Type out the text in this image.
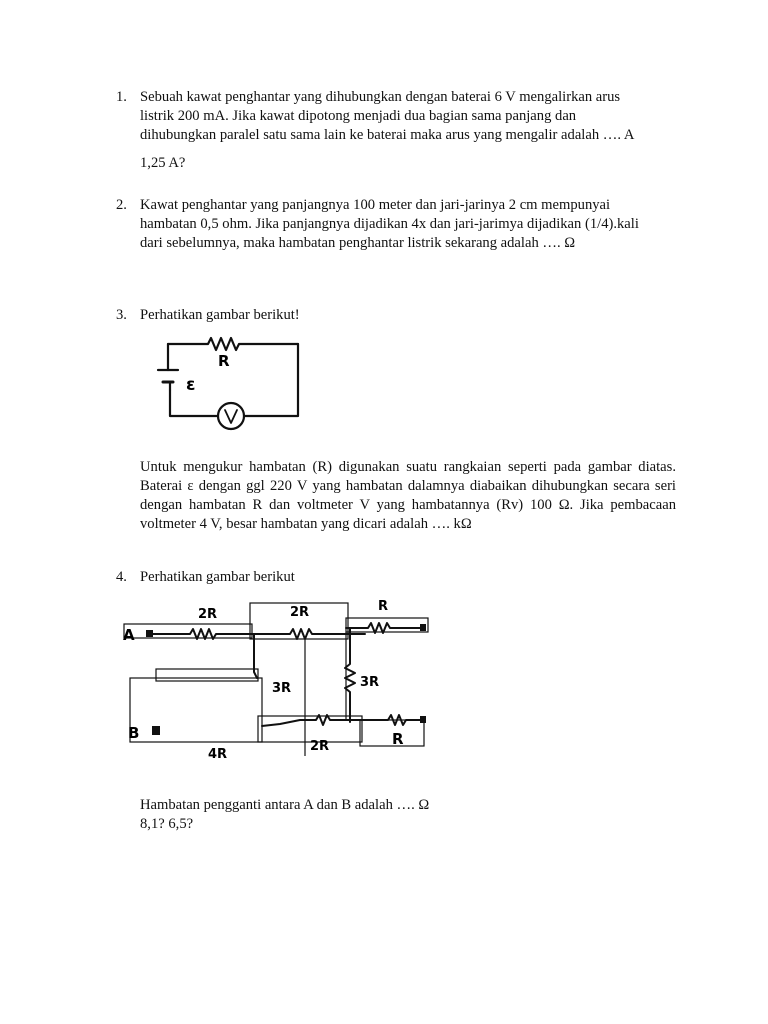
1. Sebuah kawat penghantar yang dihubungkan dengan baterai 6 V mengalirkan arus
listrik 200 mA. Jika kawat dipotong menjadi dua bagian sama panjang dan
dihubungkan paralel satu sama lain ke baterai maka arus yang mengalir adalah …. A
1,25 A?
2. Kawat penghantar yang panjangnya 100 meter dan jari-jarinya 2 cm mempunyai
hambatan 0,5 ohm. Jika panjangnya dijadikan 4x dan jari-jarimya dijadikan (1/4).kali
dari sebelumnya, maka hambatan penghantar listrik sekarang adalah …. Ω
3. Perhatikan gambar berikut!
R
ε
Untuk mengukur hambatan (R) digunakan suatu rangkaian seperti pada gambar diatas. Baterai ε dengan ggl 220 V yang hambatan dalamnya diabaikan dihubungkan secara seri dengan hambatan R dan voltmeter V yang hambatannya (Rv) 100 Ω. Jika pembacaan voltmeter 4 V, besar hambatan yang dicari adalah …. kΩ
4. Perhatikan gambar berikut
A
B
2R	2R	R
3R	3R
4R
2R	R
Hambatan pengganti antara A dan B adalah …. Ω
8,1? 6,5?
